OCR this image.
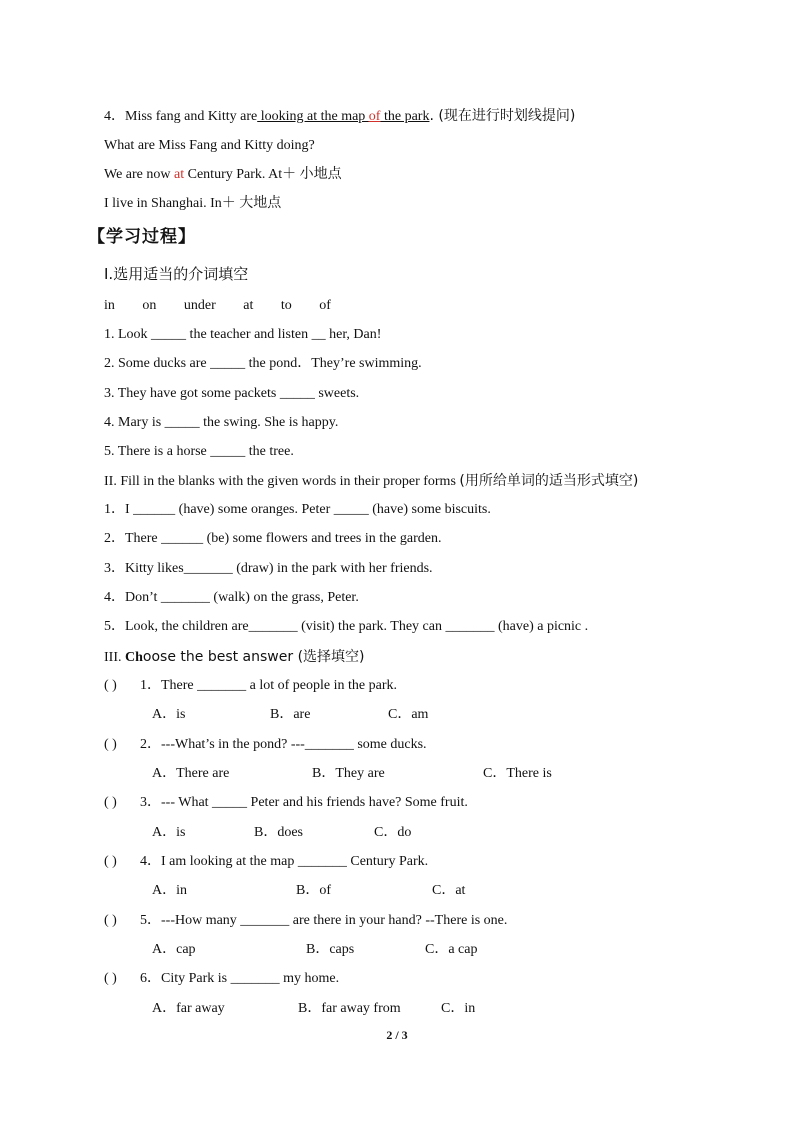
4．Miss fang and Kitty are looking at the map of the park. (现在进行时划线提问)
What are Miss Fang and Kitty doing?
We are now at Century Park. At＋ 小地点
I live in Shanghai. In＋ 大地点
【学习过程】
I.选用适当的介词填空
in on under at to of
1. Look _____ the teacher and listen __ her, Dan!
2. Some ducks are _____ the pond．They’re swimming.
3. They have got some packets _____ sweets.
4. Mary is _____ the swing. She is happy.
5. There is a horse _____ the tree.
II. Fill in the blanks with the given words in their proper forms (用所给单词的适当形式填空)
1．I ______ (have) some oranges. Peter _____ (have) some biscuits.
2．There ______ (be) some flowers and trees in the garden.
3．Kitty likes_______ (draw) in the park with her friends.
4．Don’t _______ (walk) on the grass, Peter.
5．Look, the children are_______ (visit) the park. They can _______ (have) a picnic .
III. Choose the best answer (选择填空)
( ) 1．There _______ a lot of people in the park.
A．is	B．are	C．am
( ) 2．---What’s in the pond? ---_______ some ducks.
A．There are	B．They are	C．There is
( ) 3．--- What _____ Peter and his friends have? Some fruit.
A．is	B．does	C．do
( ) 4．I am looking at the map _______ Century Park.
A．in	B．of	C．at
( ) 5．---How many _______ are there in your hand? --There is one.
A．cap	B．caps	C．a cap
( ) 6．City Park is _______ my home.
A．far away	B．far away from	C．in
2 / 3
